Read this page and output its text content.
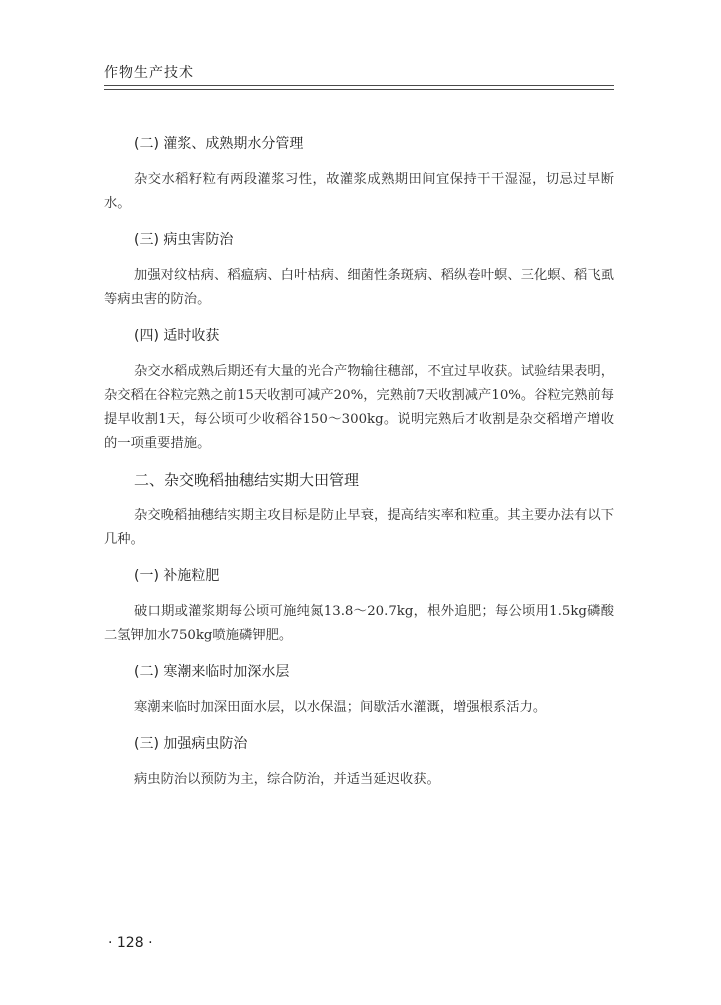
作物生产技术
(二) 灌浆、成熟期水分管理

杂交水稻籽粒有两段灌浆习性，故灌浆成熟期田间宜保持干干湿湿，切忌过早断水。

(三) 病虫害防治

加强对纹枯病、稻瘟病、白叶枯病、细菌性条斑病、稻纵卷叶螟、三化螟、稻飞虱等病虫害的防治。

(四) 适时收获

杂交水稻成熟后期还有大量的光合产物输往穗部，不宜过早收获。试验结果表明，杂交稻在谷粒完熟之前15天收割可减产20%，完熟前7天收割减产10%。谷粒完熟前每提早收割1天，每公顷可少收稻谷150～300kg。说明完熟后才收割是杂交稻增产增收的一项重要措施。

二、杂交晚稻抽穗结实期大田管理

杂交晚稻抽穗结实期主攻目标是防止早衰，提高结实率和粒重。其主要办法有以下几种。

(一) 补施粒肥

破口期或灌浆期每公顷可施纯氮13.8～20.7kg，根外追肥；每公顷用1.5kg磷酸二氢钾加水750kg喷施磷钾肥。

(二) 寒潮来临时加深水层

寒潮来临时加深田面水层，以水保温；间歇活水灌溉，增强根系活力。

(三) 加强病虫防治

病虫防治以预防为主，综合防治，并适当延迟收获。

· 128 ·
